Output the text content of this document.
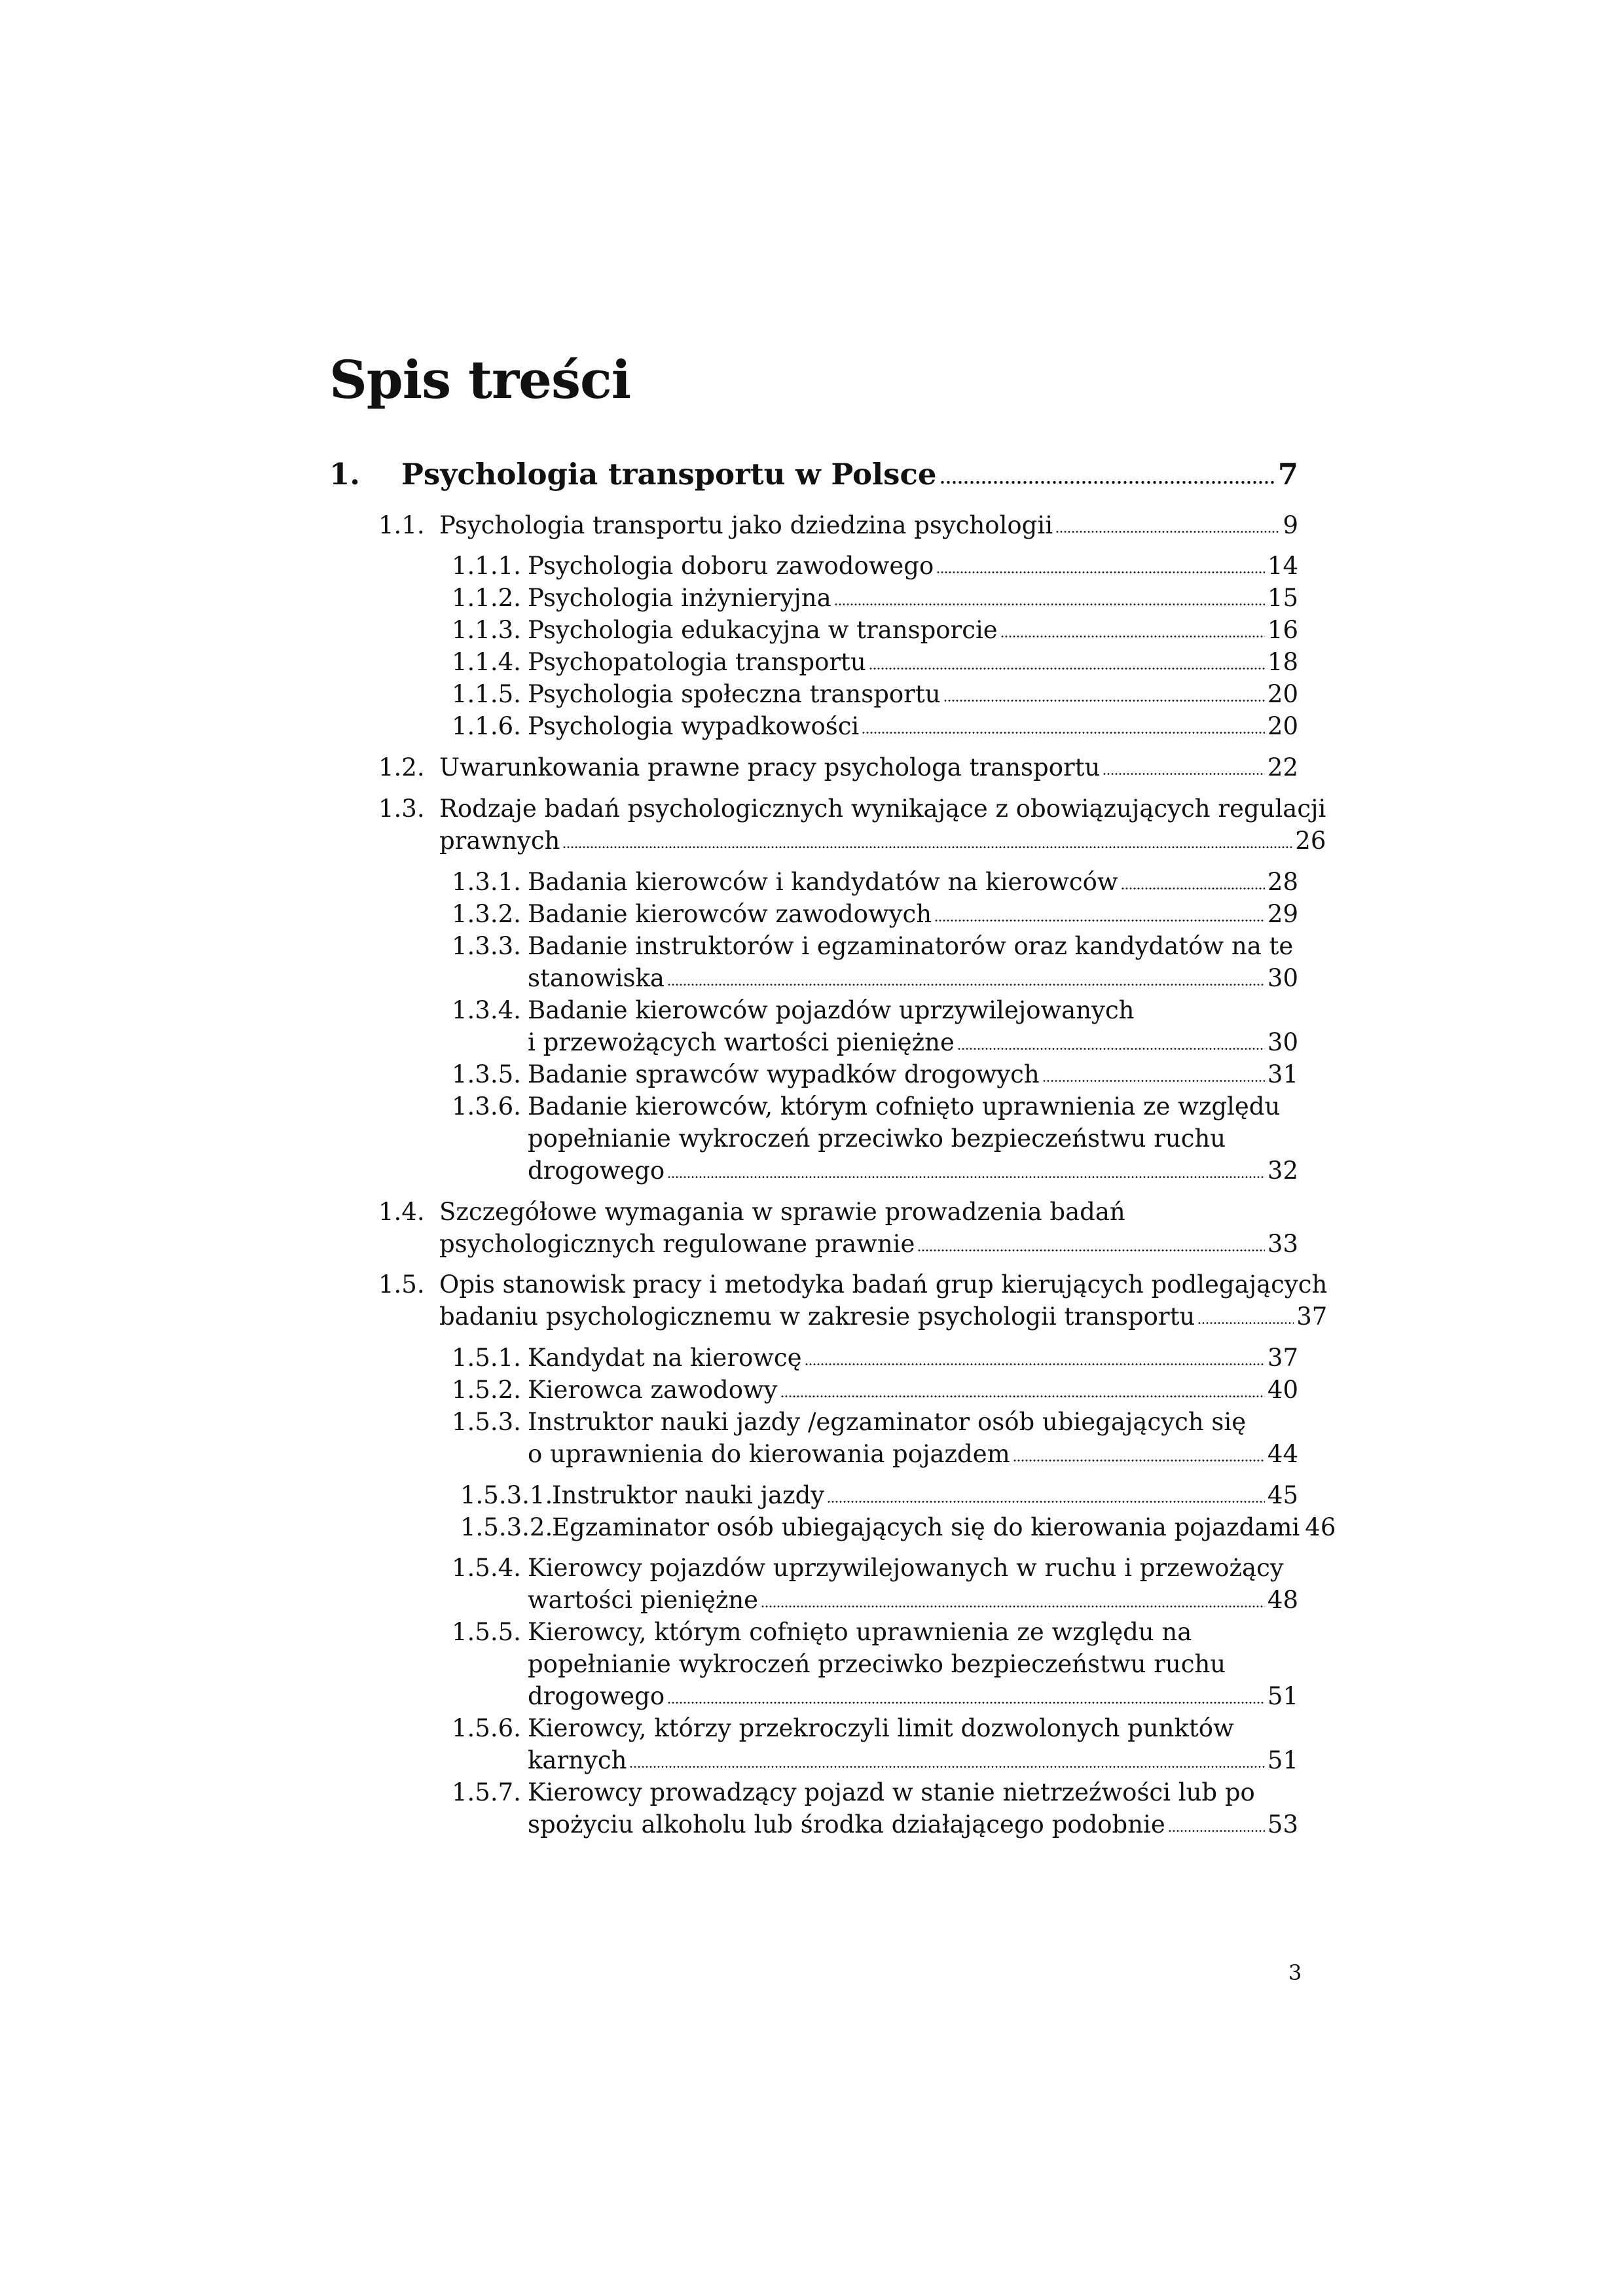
Spis treści
1.	Psychologia transportu w Polsce	7
1.1. Psychologia transportu jako dziedzina psychologii	9
1.1.1. Psychologia doboru zawodowego	14
1.1.2. Psychologia inżynieryjna	15
1.1.3. Psychologia edukacyjna w transporcie	16
1.1.4. Psychopatologia transportu	18
1.1.5. Psychologia społeczna transportu	20
1.1.6. Psychologia wypadkowości	20
1.2. Uwarunkowania prawne pracy psychologa transportu	22
1.3. Rodzaje badań psychologicznych wynikające z obowiązujących regulacji
prawnych	26
1.3.1. Badania kierowców i kandydatów na kierowców	28
1.3.2. Badanie kierowców zawodowych	29
1.3.3. Badanie instruktorów i egzaminatorów oraz kandydatów na te
stanowiska	30
1.3.4. Badanie kierowców pojazdów uprzywilejowanych
i przewożących wartości pieniężne	30
1.3.5. Badanie sprawców wypadków drogowych	31
1.3.6. Badanie kierowców, którym cofnięto uprawnienia ze względu
popełnianie wykroczeń przeciwko bezpieczeństwu ruchu
drogowego	32
1.4. Szczegółowe wymagania w sprawie prowadzenia badań
psychologicznych regulowane prawnie	33
1.5. Opis stanowisk pracy i metodyka badań grup kierujących podlegających
badaniu psychologicznemu w zakresie psychologii transportu	37
1.5.1. Kandydat na kierowcę	37
1.5.2. Kierowca zawodowy	40
1.5.3. Instruktor nauki jazdy /egzaminator osób ubiegających się
o uprawnienia do kierowania pojazdem	44
1.5.3.1.
Instruktor nauki jazdy	45
1.5.3.2.
Egzaminator osób ubiegających się do kierowania pojazdami 46
1.5.4. Kierowcy pojazdów uprzywilejowanych w ruchu i przewożący
wartości pieniężne	48
1.5.5. Kierowcy, którym cofnięto uprawnienia ze względu na
popełnianie wykroczeń przeciwko bezpieczeństwu ruchu
drogowego	51
1.5.6. Kierowcy, którzy przekroczyli limit dozwolonych punktów
karnych	51
1.5.7. Kierowcy prowadzący pojazd w stanie nietrzeźwości lub po
spożyciu alkoholu lub środka działającego podobnie	53
3
